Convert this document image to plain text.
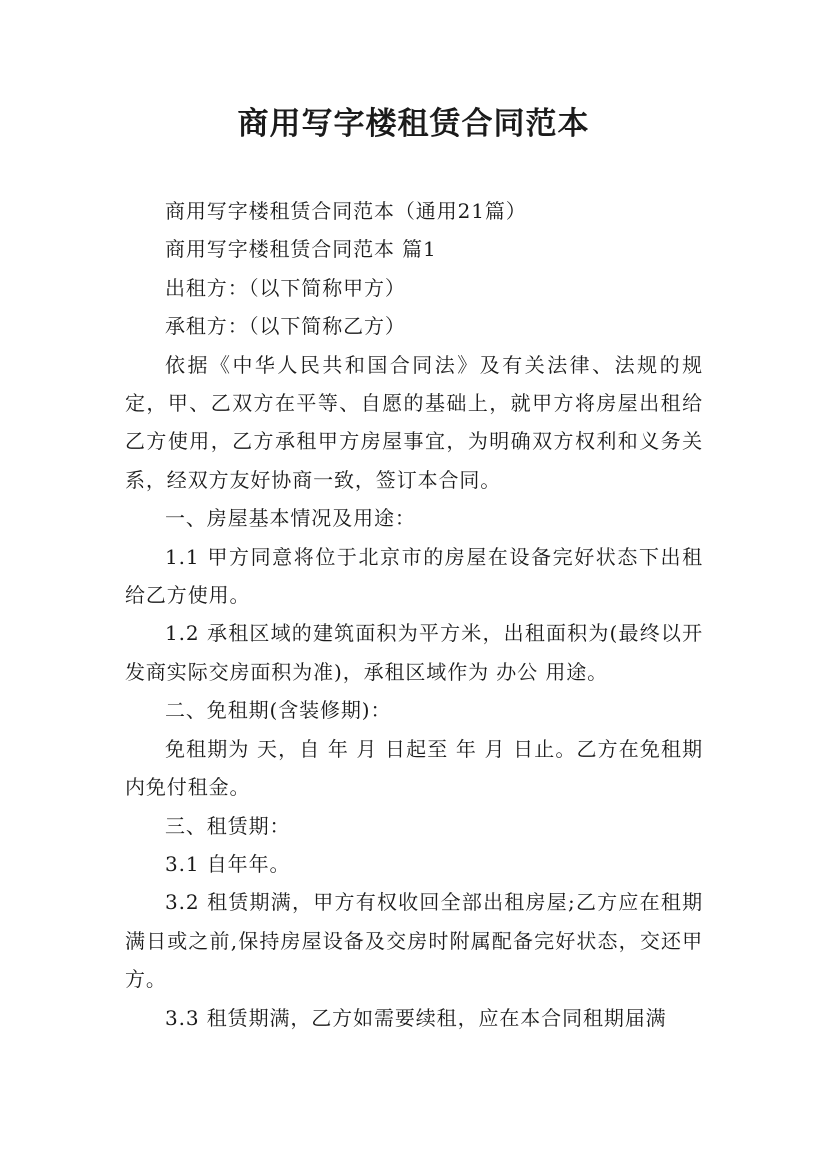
商用写字楼租赁合同范本

商用写字楼租赁合同范本（通用21篇）

商用写字楼租赁合同范本 篇1

出租方：（以下简称甲方）

承租方：（以下简称乙方）

依据《中华人民共和国合同法》及有关法律、法规的规定，甲、乙双方在平等、自愿的基础上，就甲方将房屋出租给乙方使用，乙方承租甲方房屋事宜，为明确双方权利和义务关系，经双方友好协商一致，签订本合同。

一、房屋基本情况及用途：

1.1 甲方同意将位于北京市的房屋在设备完好状态下出租给乙方使用。

1.2 承租区域的建筑面积为平方米，出租面积为(最终以开发商实际交房面积为准)，承租区域作为 办公 用途。

二、免租期(含装修期)：

免租期为 天，自 年 月 日起至 年 月 日止。乙方在免租期内免付租金。

三、租赁期：

3.1 自年年。

3.2 租赁期满，甲方有权收回全部出租房屋;乙方应在租期满日或之前,保持房屋设备及交房时附属配备完好状态，交还甲方。

3.3 租赁期满，乙方如需要续租，应在本合同租期届满
